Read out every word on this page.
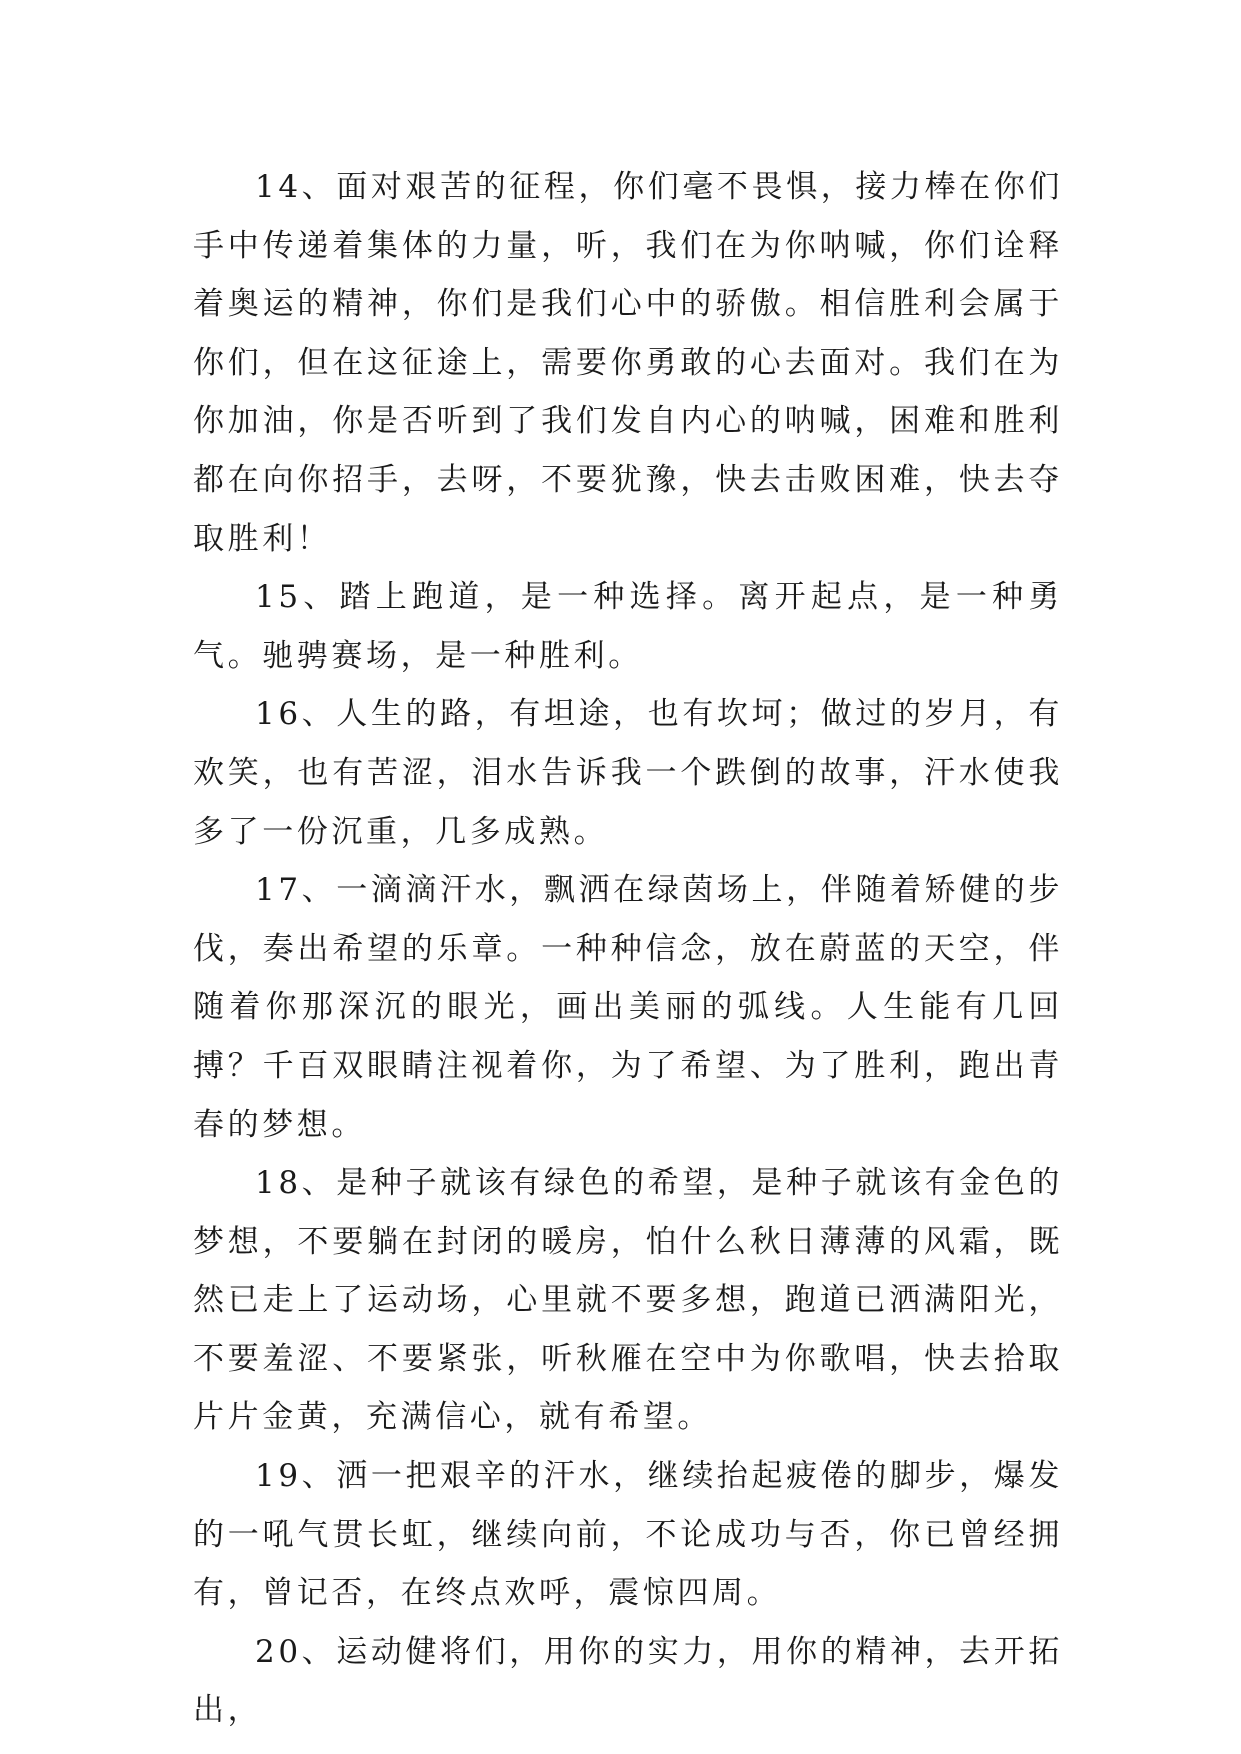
14、面对艰苦的征程，你们毫不畏惧，接力棒在你们手中传递着集体的力量，听，我们在为你呐喊，你们诠释着奥运的精神，你们是我们心中的骄傲。相信胜利会属于你们，但在这征途上，需要你勇敢的心去面对。我们在为你加油，你是否听到了我们发自内心的呐喊，困难和胜利都在向你招手，去呀，不要犹豫，快去击败困难，快去夺取胜利！

15、踏上跑道，是一种选择。离开起点，是一种勇气。驰骋赛场，是一种胜利。

16、人生的路，有坦途，也有坎坷；做过的岁月，有欢笑，也有苦涩，泪水告诉我一个跌倒的故事，汗水使我多了一份沉重，几多成熟。

17、一滴滴汗水，飘洒在绿茵场上，伴随着矫健的步伐，奏出希望的乐章。一种种信念，放在蔚蓝的天空，伴随着你那深沉的眼光，画出美丽的弧线。人生能有几回搏？千百双眼睛注视着你，为了希望、为了胜利，跑出青春的梦想。

18、是种子就该有绿色的希望，是种子就该有金色的梦想，不要躺在封闭的暖房，怕什么秋日薄薄的风霜，既然已走上了运动场，心里就不要多想，跑道已洒满阳光，不要羞涩、不要紧张，听秋雁在空中为你歌唱，快去拾取片片金黄，充满信心，就有希望。

19、洒一把艰辛的汗水，继续抬起疲倦的脚步，爆发的一吼气贯长虹，继续向前，不论成功与否，你已曾经拥有，曾记否，在终点欢呼，震惊四周。

20、运动健将们，用你的实力，用你的精神，去开拓出，
